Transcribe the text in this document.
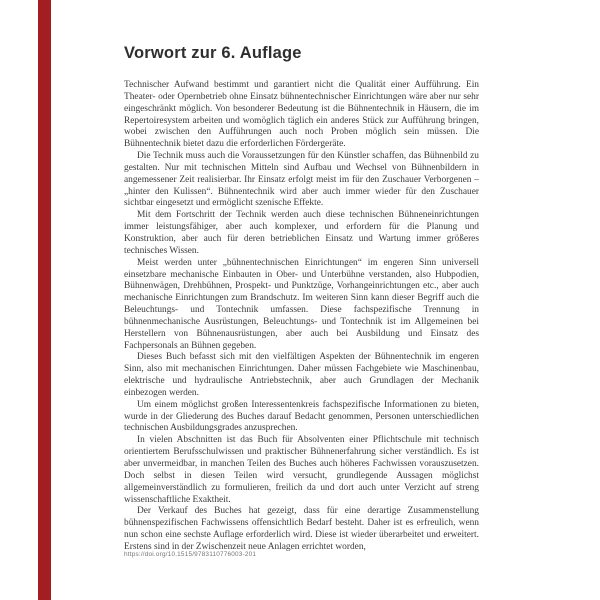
Vorwort zur 6. Auflage

Technischer Aufwand bestimmt und garantiert nicht die Qualität einer Aufführung. Ein Theater- oder Opernbetrieb ohne Einsatz bühnentechnischer Einrichtungen wäre aber nur sehr eingeschränkt möglich. Von besonderer Bedeutung ist die Bühnentechnik in Häusern, die im Repertoiresystem arbeiten und womöglich täglich ein anderes Stück zur Aufführung bringen, wobei zwischen den Aufführungen auch noch Proben möglich sein müssen. Die Bühnentechnik bietet dazu die erforderlichen Fördergeräte.

Die Technik muss auch die Voraussetzungen für den Künstler schaffen, das Bühnenbild zu gestalten. Nur mit technischen Mitteln sind Aufbau und Wechsel von Bühnenbildern in angemessener Zeit realisierbar. Ihr Einsatz erfolgt meist im für den Zuschauer Verborgenen – „hinter den Kulissen“. Bühnentechnik wird aber auch immer wieder für den Zuschauer sichtbar eingesetzt und ermöglicht szenische Effekte.

Mit dem Fortschritt der Technik werden auch diese technischen Bühneneinrichtungen immer leistungsfähiger, aber auch komplexer, und erfordern für die Planung und Konstruktion, aber auch für deren betrieblichen Einsatz und Wartung immer größeres technisches Wissen.

Meist werden unter „bühnentechnischen Einrichtungen“ im engeren Sinn universell einsetzbare mechanische Einbauten in Ober- und Unterbühne verstanden, also Hubpodien, Bühnenwägen, Drehbühnen, Prospekt- und Punktzüge, Vorhangeinrichtungen etc., aber auch mechanische Einrichtungen zum Brandschutz. Im weiteren Sinn kann dieser Begriff auch die Beleuchtungs- und Tontechnik umfassen. Diese fachspezifische Trennung in bühnenmechanische Ausrüstungen, Beleuchtungs- und Tontechnik ist im Allgemeinen bei Herstellern von Bühnenausrüstungen, aber auch bei Ausbildung und Einsatz des Fachpersonals an Bühnen gegeben.

Dieses Buch befasst sich mit den vielfältigen Aspekten der Bühnentechnik im engeren Sinn, also mit mechanischen Einrichtungen. Daher müssen Fachgebiete wie Maschinenbau, elektrische und hydraulische Antriebstechnik, aber auch Grundlagen der Mechanik einbezogen werden.

Um einem möglichst großen Interessentenkreis fachspezifische Informationen zu bieten, wurde in der Gliederung des Buches darauf Bedacht genommen, Personen unterschiedlichen technischen Ausbildungsgrades anzusprechen.

In vielen Abschnitten ist das Buch für Absolventen einer Pflichtschule mit technisch orientiertem Berufsschulwissen und praktischer Bühnenerfahrung sicher verständlich. Es ist aber unvermeidbar, in manchen Teilen des Buches auch höheres Fachwissen vorauszusetzen. Doch selbst in diesen Teilen wird versucht, grundlegende Aussagen möglichst allgemeinverständlich zu formulieren, freilich da und dort auch unter Verzicht auf streng wissenschaftliche Exaktheit.

Der Verkauf des Buches hat gezeigt, dass für eine derartige Zusammenstellung bühnenspezifischen Fachwissens offensichtlich Bedarf besteht. Daher ist es erfreulich, wenn nun schon eine sechste Auflage erforderlich wird. Diese ist wieder überarbeitet und erweitert. Erstens sind in der Zwischenzeit neue Anlagen errichtet worden,

https://doi.org/10.1515/9783110776003-201
